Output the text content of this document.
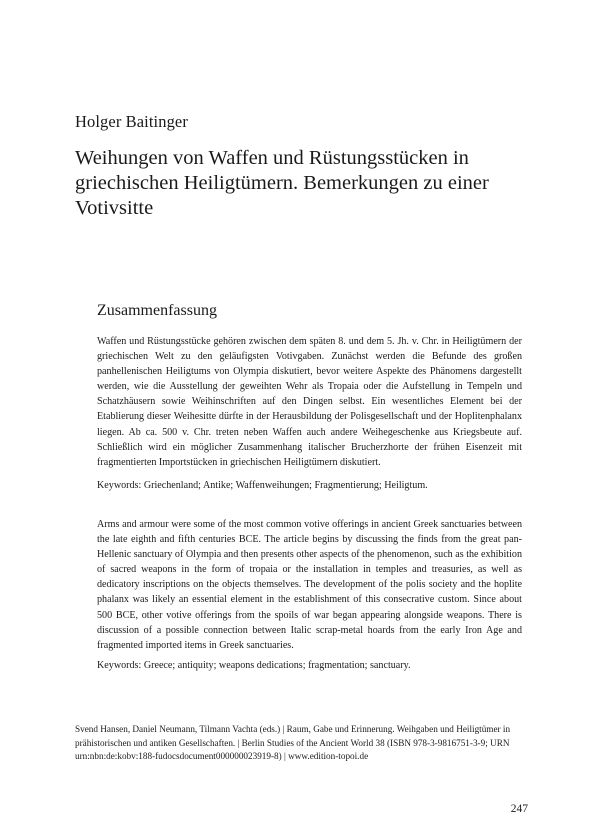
Holger Baitinger
Weihungen von Waffen und Rüstungsstücken in griechischen Heiligtümern. Bemerkungen zu einer Votivsitte
Zusammenfassung

Waffen und Rüstungsstücke gehören zwischen dem späten 8. und dem 5. Jh. v. Chr. in Heiligtümern der griechischen Welt zu den geläufigsten Votivgaben. Zunächst werden die Befunde des großen panhellenischen Heiligtums von Olympia diskutiert, bevor weitere Aspekte des Phänomens dargestellt werden, wie die Ausstellung der geweihten Wehr als Tropaia oder die Aufstellung in Tempeln und Schatzhäusern sowie Weihinschriften auf den Dingen selbst. Ein wesentliches Element bei der Etablierung dieser Weihesitte dürfte in der Herausbildung der Polisgesellschaft und der Hoplitenphalanx liegen. Ab ca. 500 v. Chr. treten neben Waffen auch andere Weihegeschenke aus Kriegsbeute auf. Schließlich wird ein möglicher Zusammenhang italischer Brucherzhorte der frühen Eisenzeit mit fragmentierten Importstücken in griechischen Heiligtümern diskutiert.

Keywords: Griechenland; Antike; Waffenweihungen; Fragmentierung; Heiligtum.

Arms and armour were some of the most common votive offerings in ancient Greek sanctuaries between the late eighth and fifth centuries BCE. The article begins by discussing the finds from the great pan-Hellenic sanctuary of Olympia and then presents other aspects of the phenomenon, such as the exhibition of sacred weapons in the form of tropaia or the installation in temples and treasuries, as well as dedicatory inscriptions on the objects themselves. The development of the polis society and the hoplite phalanx was likely an essential element in the establishment of this consecrative custom. Since about 500 BCE, other votive offerings from the spoils of war began appearing alongside weapons. There is discussion of a possible connection between Italic scrap-metal hoards from the early Iron Age and fragmented imported items in Greek sanctuaries.

Keywords: Greece; antiquity; weapons dedications; fragmentation; sanctuary.

Svend Hansen, Daniel Neumann, Tilmann Vachta (eds.) | Raum, Gabe und Erinnerung. Weihgaben und Heiligtümer in prähistorischen und antiken Gesellschaften. | Berlin Studies of the Ancient World 38 (ISBN 978-3-9816751-3-9; URN urn:nbn:de:kobv:188-fudocsdocument000000023919-8) | www.edition-topoi.de

247
